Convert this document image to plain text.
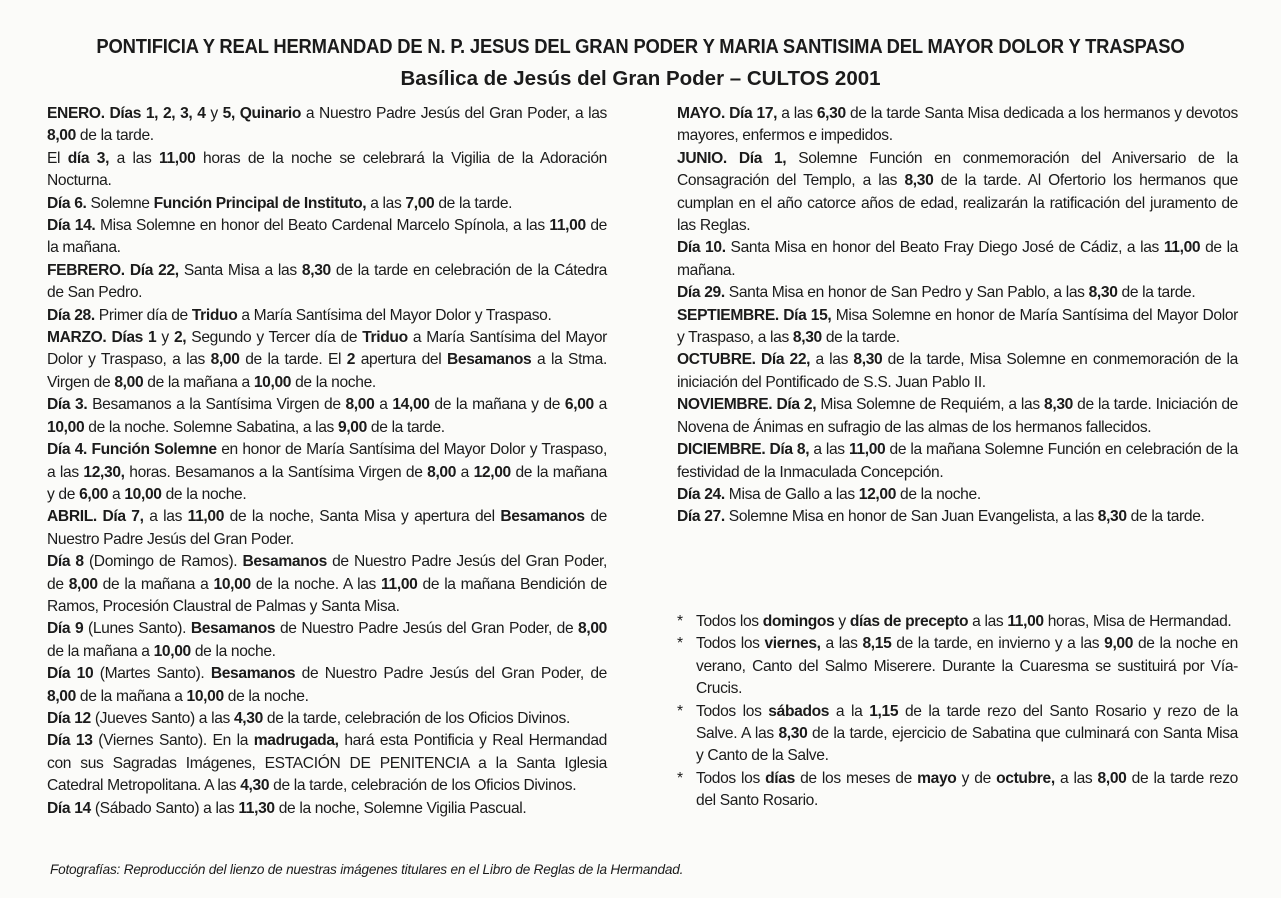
PONTIFICIA Y REAL HERMANDAD DE N. P. JESUS DEL GRAN PODER Y MARIA SANTISIMA DEL MAYOR DOLOR Y TRASPASO
Basílica de Jesús del Gran Poder – CULTOS 2001
ENERO. Días 1, 2, 3, 4 y 5, Quinario a Nuestro Padre Jesús del Gran Poder, a las 8,00 de la tarde.
El día 3, a las 11,00 horas de la noche se celebrará la Vigilia de la Adoración Nocturna.
Día 6. Solemne Función Principal de Instituto, a las 7,00 de la tarde.
Día 14. Misa Solemne en honor del Beato Cardenal Marcelo Spínola, a las 11,00 de la mañana.
FEBRERO. Día 22, Santa Misa a las 8,30 de la tarde en celebración de la Cátedra de San Pedro.
Día 28. Primer día de Triduo a María Santísima del Mayor Dolor y Traspaso.
MARZO. Días 1 y 2, Segundo y Tercer día de Triduo a María Santísima del Mayor Dolor y Traspaso, a las 8,00 de la tarde. El 2 apertura del Besamanos a la Stma. Virgen de 8,00 de la mañana a 10,00 de la noche.
Día 3. Besamanos a la Santísima Virgen de 8,00 a 14,00 de la mañana y de 6,00 a 10,00 de la noche. Solemne Sabatina, a las 9,00 de la tarde.
Día 4. Función Solemne en honor de María Santísima del Mayor Dolor y Traspaso, a las 12,30, horas. Besamanos a la Santísima Virgen de 8,00 a 12,00 de la mañana y de 6,00 a 10,00 de la noche.
ABRIL. Día 7, a las 11,00 de la noche, Santa Misa y apertura del Besamanos de Nuestro Padre Jesús del Gran Poder.
Día 8 (Domingo de Ramos). Besamanos de Nuestro Padre Jesús del Gran Poder, de 8,00 de la mañana a 10,00 de la noche. A las 11,00 de la mañana Bendición de Ramos, Procesión Claustral de Palmas y Santa Misa.
Día 9 (Lunes Santo). Besamanos de Nuestro Padre Jesús del Gran Poder, de 8,00 de la mañana a 10,00 de la noche.
Día 10 (Martes Santo). Besamanos de Nuestro Padre Jesús del Gran Poder, de 8,00 de la mañana a 10,00 de la noche.
Día 12 (Jueves Santo) a las 4,30 de la tarde, celebración de los Oficios Divinos.
Día 13 (Viernes Santo). En la madrugada, hará esta Pontificia y Real Hermandad con sus Sagradas Imágenes, ESTACIÓN DE PENITENCIA a la Santa Iglesia Catedral Metropolitana. A las 4,30 de la tarde, celebración de los Oficios Divinos.
Día 14 (Sábado Santo) a las 11,30 de la noche, Solemne Vigilia Pascual.
MAYO. Día 17, a las 6,30 de la tarde Santa Misa dedicada a los hermanos y devotos mayores, enfermos e impedidos.
JUNIO. Día 1, Solemne Función en conmemoración del Aniversario de la Consagración del Templo, a las 8,30 de la tarde. Al Ofertorio los hermanos que cumplan en el año catorce años de edad, realizarán la ratificación del juramento de las Reglas.
Día 10. Santa Misa en honor del Beato Fray Diego José de Cádiz, a las 11,00 de la mañana.
Día 29. Santa Misa en honor de San Pedro y San Pablo, a las 8,30 de la tarde.
SEPTIEMBRE. Día 15, Misa Solemne en honor de María Santísima del Mayor Dolor y Traspaso, a las 8,30 de la tarde.
OCTUBRE. Día 22, a las 8,30 de la tarde, Misa Solemne en conmemoración de la iniciación del Pontificado de S.S. Juan Pablo II.
NOVIEMBRE. Día 2, Misa Solemne de Requiém, a las 8,30 de la tarde. Iniciación de Novena de Ánimas en sufragio de las almas de los hermanos fallecidos.
DICIEMBRE. Día 8, a las 11,00 de la mañana Solemne Función en celebración de la festividad de la Inmaculada Concepción.
Día 24. Misa de Gallo a las 12,00 de la noche.
Día 27. Solemne Misa en honor de San Juan Evangelista, a las 8,30 de la tarde.
* Todos los domingos y días de precepto a las 11,00 horas, Misa de Hermandad.
* Todos los viernes, a las 8,15 de la tarde, en invierno y a las 9,00 de la noche en verano, Canto del Salmo Miserere. Durante la Cuaresma se sustituirá por Vía-Crucis.
* Todos los sábados a la 1,15 de la tarde rezo del Santo Rosario y rezo de la Salve. A las 8,30 de la tarde, ejercicio de Sabatina que culminará con Santa Misa y Canto de la Salve.
* Todos los días de los meses de mayo y de octubre, a las 8,00 de la tarde rezo del Santo Rosario.
Fotografías: Reproducción del lienzo de nuestras imágenes titulares en el Libro de Reglas de la Hermandad.
